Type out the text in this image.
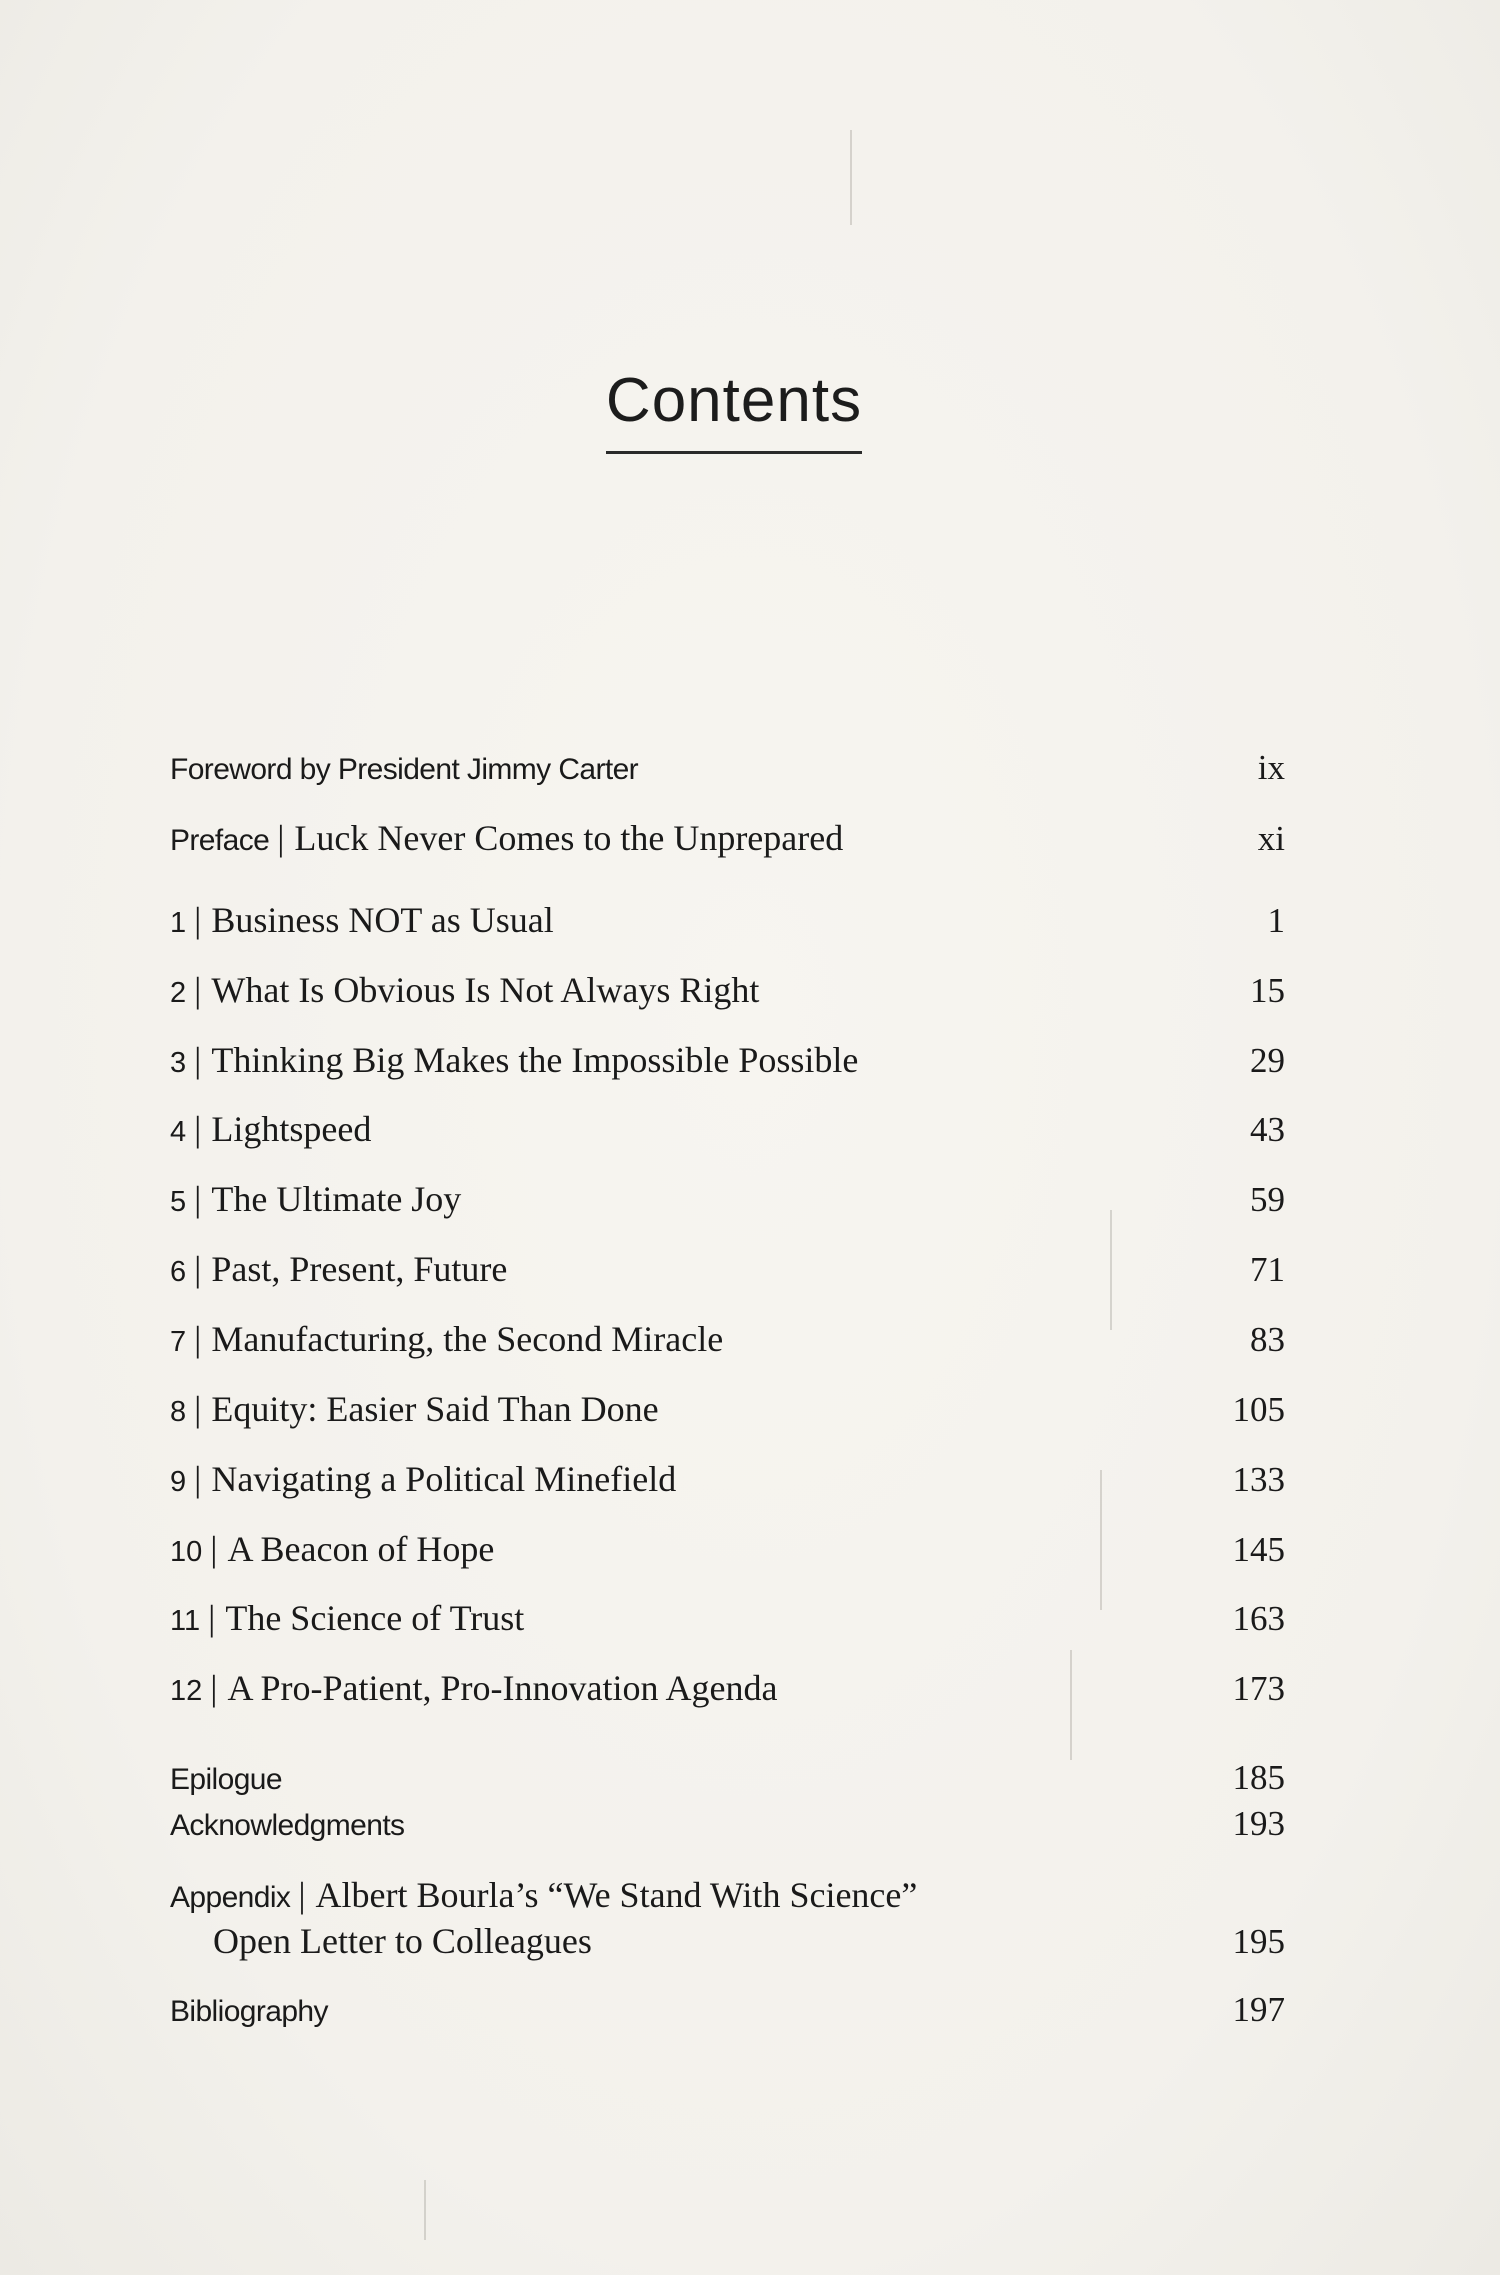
Contents
Foreword by President Jimmy Carter	ix
Preface | Luck Never Comes to the Unprepared	xi
1 | Business NOT as Usual	1
2 | What Is Obvious Is Not Always Right	15
3 | Thinking Big Makes the Impossible Possible	29
4 | Lightspeed	43
5 | The Ultimate Joy	59
6 | Past, Present, Future	71
7 | Manufacturing, the Second Miracle	83
8 | Equity: Easier Said Than Done	105
9 | Navigating a Political Minefield	133
10 | A Beacon of Hope	145
11 | The Science of Trust	163
12 | A Pro-Patient, Pro-Innovation Agenda	173
Epilogue	185
Acknowledgments	193
Appendix | Albert Bourla’s “We Stand With Science”
Open Letter to Colleagues	195
Bibliography	197
